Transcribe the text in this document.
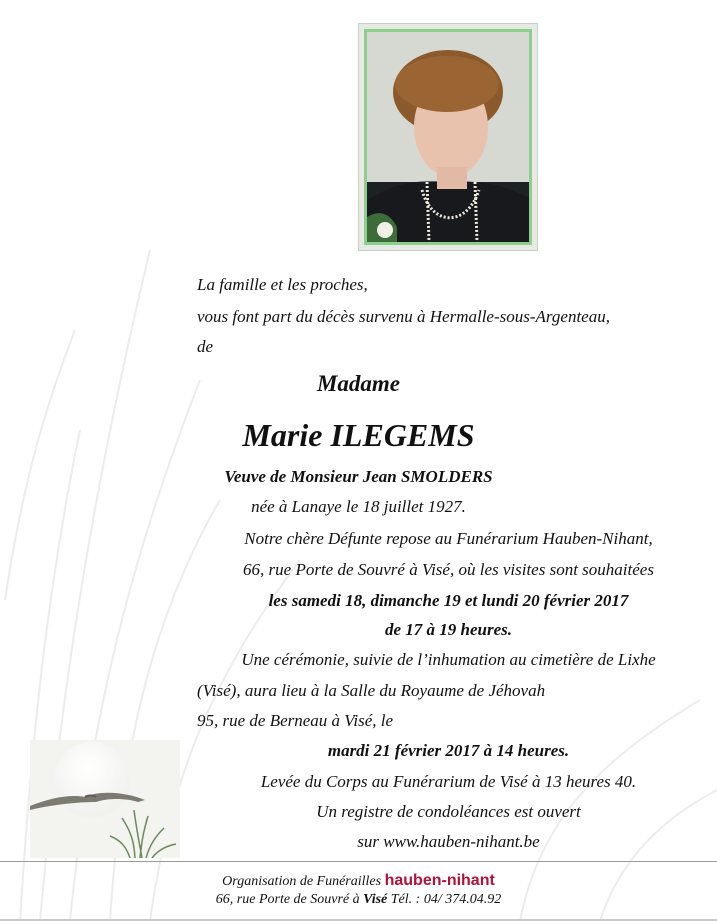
La famille et les proches,
vous font part du décès survenu à Hermalle-sous-Argenteau,
de
Madame
Marie ILEGEMS
Veuve de Monsieur Jean SMOLDERS
née à Lanaye le 18 juillet 1927.
Notre chère Défunte repose au Funérarium Hauben-Nihant,
66, rue Porte de Souvré à Visé, où les visites sont souhaitées
les samedi 18, dimanche 19 et lundi 20 février 2017
de 17 à 19 heures.
Une cérémonie, suivie de l’inhumation au cimetière de Lixhe
(Visé), aura lieu à la Salle du Royaume de Jéhovah
95, rue de Berneau à Visé, le
mardi 21 février 2017 à 14 heures.
Levée du Corps au Funérarium de Visé à 13 heures 40.
Un registre de condoléances est ouvert
sur www.hauben-nihant.be
Organisation de Funérailles hauben-nihant
66, rue Porte de Souvré à Visé Tél. : 04/ 374.04.92
